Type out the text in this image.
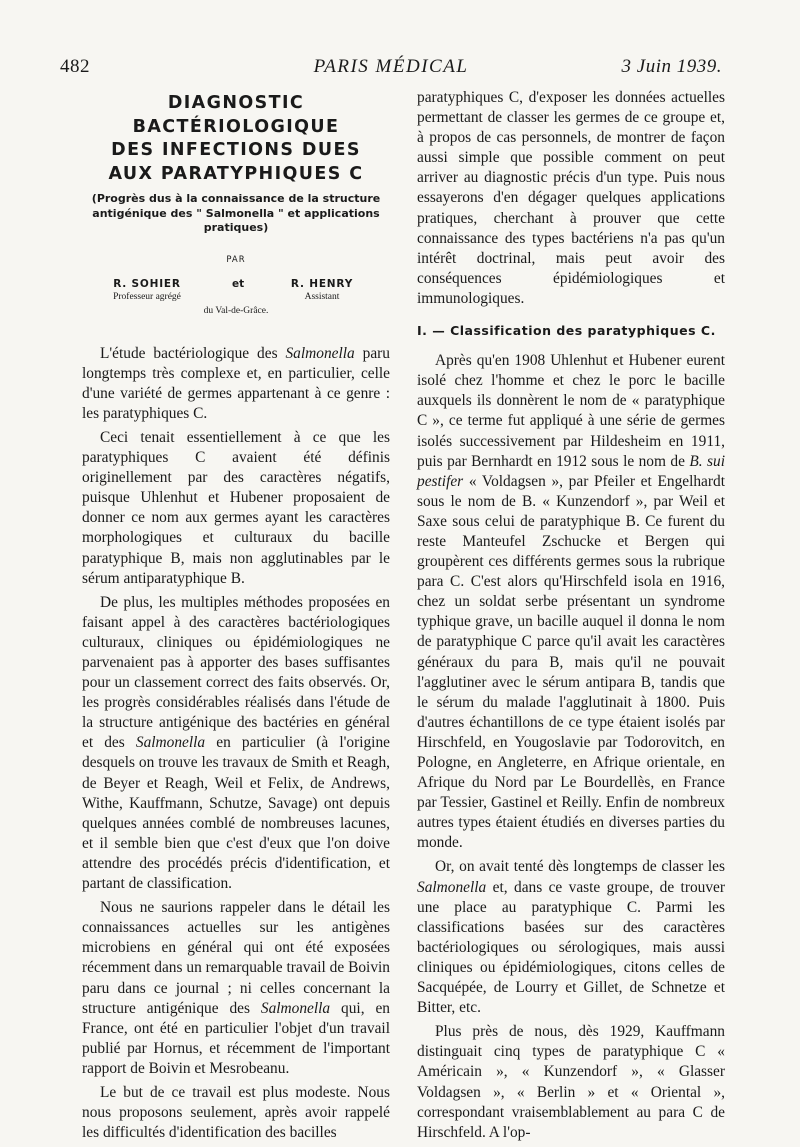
482	PARIS MÉDICAL	3 Juin 1939.
DIAGNOSTIC
BACTÉRIOLOGIQUE
DES INFECTIONS DUES
AUX PARATYPHIQUES C
(Progrès dus à la connaissance de la structure antigénique des " Salmonella " et applications pratiques)
PAR
R. SOHIER
Professeur agrégé
et	R. HENRY
Assistant
du Val-de-Grâce.

L'étude bactériologique des Salmonella paru longtemps très complexe et, en particulier, celle d'une variété de germes appartenant à ce genre : les paratyphiques C.

Ceci tenait essentiellement à ce que les paratyphiques C avaient été définis originellement par des caractères négatifs, puisque Uhlenhut et Hubener proposaient de donner ce nom aux germes ayant les caractères morphologiques et culturaux du bacille paratyphique B, mais non agglutinables par le sérum antiparatyphique B.

De plus, les multiples méthodes proposées en faisant appel à des caractères bactériologiques culturaux, cliniques ou épidémiologiques ne parvenaient pas à apporter des bases suffisantes pour un classement correct des faits observés. Or, les progrès considérables réalisés dans l'étude de la structure antigénique des bactéries en général et des Salmonella en particulier (à l'origine desquels on trouve les travaux de Smith et Reagh, de Beyer et Reagh, Weil et Felix, de Andrews, Withe, Kauffmann, Schutze, Savage) ont depuis quelques années comblé de nombreuses lacunes, et il semble bien que c'est d'eux que l'on doive attendre des procédés précis d'identification, et partant de classification.

Nous ne saurions rappeler dans le détail les connaissances actuelles sur les antigènes microbiens en général qui ont été exposées récemment dans un remarquable travail de Boivin paru dans ce journal ; ni celles concernant la structure antigénique des Salmonella qui, en France, ont été en particulier l'objet d'un travail publié par Hornus, et récemment de l'important rapport de Boivin et Mesrobeanu.

Le but de ce travail est plus modeste. Nous nous proposons seulement, après avoir rappelé les difficultés d'identification des bacilles

paratyphiques C, d'exposer les données actuelles permettant de classer les germes de ce groupe et, à propos de cas personnels, de montrer de façon aussi simple que possible comment on peut arriver au diagnostic précis d'un type. Puis nous essayerons d'en dégager quelques applications pratiques, cherchant à prouver que cette connaissance des types bactériens n'a pas qu'un intérêt doctrinal, mais peut avoir des conséquences épidémiologiques et immunologiques.

I. — Classification des paratyphiques C.

Après qu'en 1908 Uhlenhut et Hubener eurent isolé chez l'homme et chez le porc le bacille auxquels ils donnèrent le nom de « paratyphique C », ce terme fut appliqué à une série de germes isolés successivement par Hildesheim en 1911, puis par Bernhardt en 1912 sous le nom de B. sui pestifer « Voldagsen », par Pfeiler et Engelhardt sous le nom de B. « Kunzendorf », par Weil et Saxe sous celui de paratyphique B. Ce furent du reste Manteufel Zschucke et Bergen qui groupèrent ces différents germes sous la rubrique para C. C'est alors qu'Hirschfeld isola en 1916, chez un soldat serbe présentant un syndrome typhique grave, un bacille auquel il donna le nom de paratyphique C parce qu'il avait les caractères généraux du para B, mais qu'il ne pouvait l'agglutiner avec le sérum antipara B, tandis que le sérum du malade l'agglutinait à 1800. Puis d'autres échantillons de ce type étaient isolés par Hirschfeld, en Yougoslavie par Todorovitch, en Pologne, en Angleterre, en Afrique orientale, en Afrique du Nord par Le Bourdellès, en France par Tessier, Gastinel et Reilly. Enfin de nombreux autres types étaient étudiés en diverses parties du monde.

Or, on avait tenté dès longtemps de classer les Salmonella et, dans ce vaste groupe, de trouver une place au paratyphique C. Parmi les classifications basées sur des caractères bactériologiques ou sérologiques, mais aussi cliniques ou épidémiologiques, citons celles de Sacquépée, de Lourry et Gillet, de Schnetze et Bitter, etc.

Plus près de nous, dès 1929, Kauffmann distinguait cinq types de paratyphique C « Américain », « Kunzendorf », « Glasser Voldagsen », « Berlin » et « Oriental », correspondant vraisemblablement au para C de Hirschfeld. A l'op-
